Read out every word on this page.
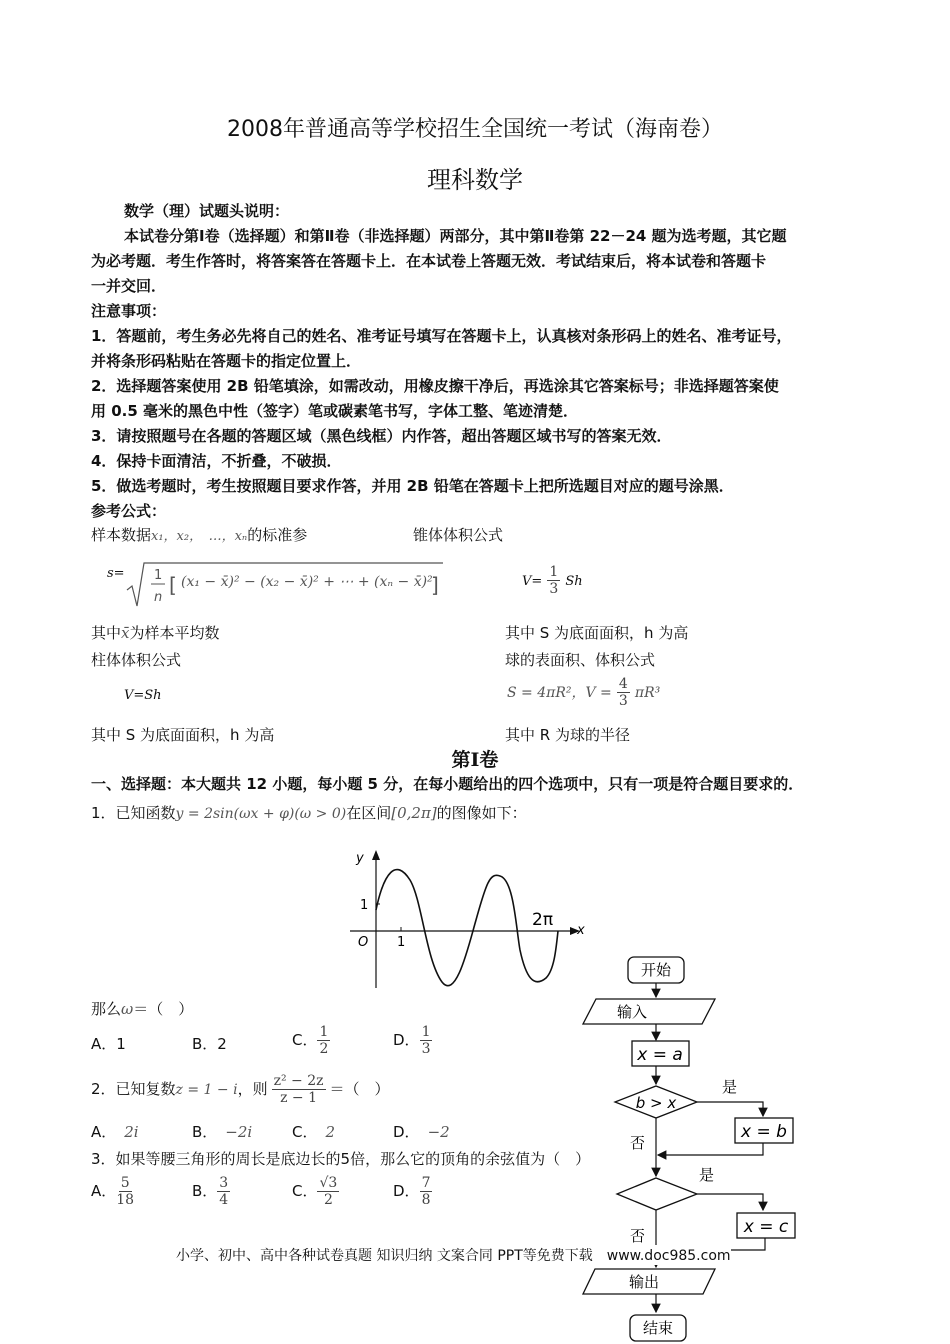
2008年普通高等学校招生全国统一考试（海南卷）
理科数学
数学（理）试题头说明：
本试卷分第Ⅰ卷（选择题）和第Ⅱ卷（非选择题）两部分，其中第Ⅱ卷第 22－24 题为选考题，其它题
为必考题．考生作答时，将答案答在答题卡上．在本试卷上答题无效．考试结束后，将本试卷和答题卡
一并交回．
注意事项：
1．答题前，考生务必先将自己的姓名、准考证号填写在答题卡上，认真核对条形码上的姓名、准考证号，
并将条形码粘贴在答题卡的指定位置上．
2．选择题答案使用 2B 铅笔填涂，如需改动，用橡皮擦干净后，再选涂其它答案标号；非选择题答案使
用 0.5 毫米的黑色中性（签字）笔或碳素笔书写，字体工整、笔迹清楚．
3．请按照题号在各题的答题区域（黑色线框）内作答，超出答题区域书写的答案无效．
4．保持卡面清洁，不折叠，不破损．
5．做选考题时，考生按照题目要求作答，并用 2B 铅笔在答题卡上把所选题目对应的题号涂黑．
参考公式：
样本数据x₁，x₂，　…，xₙ的标准参	锥体体积公式
s= 1
n
[	]
(x₁ − x̄)² − (x₂ − x̄)² + ⋯ + (xₙ − x̄)²	$V= \frac{1}{3}$ Sh
其中x̄为样本平均数	其中 S 为底面面积，h 为高
柱体体积公式	球的表面积、体积公式
V=Sh	S = 4πR²，$V = \frac{4}{3} \pi R^3$
其中 S 为底面面积，h 为高	其中 R 为球的半径
第Ⅰ卷
一、选择题：本大题共 12 小题，每小题 5 分，在每小题给出的四个选项中，只有一项是符合题目要求的．
1．已知函数y = 2sin(ωx + φ)(ω > 0)在区间[0,2π]的图像如下：
y
x
O
1
1
2π
那么ω＝（　）
A．1	B．2	C． $\frac{1}{2}$	D． $\frac{1}{3}$
2．已知复数z = 1 − i，则 $\frac{\text{z² − 2z}}{z - 1}$ ＝（　）
A． 2i	B． −2i	C． 2	D． −2
3．如果等腰三角形的周长是底边长的5倍，那么它的顶角的余弦值为（　）
A． $\frac{5}{18}$	B． $\frac{3}{4}$	C． $\frac{√3}{2}$	D． $\frac{7}{8}$
开始
输入
x = a
b > x
是
x = b
否
是
x = c
否
输出
结束
小学、初中、高中各种试卷真题 知识归纳 文案合同 PPT等免费下载　www.doc985.com
